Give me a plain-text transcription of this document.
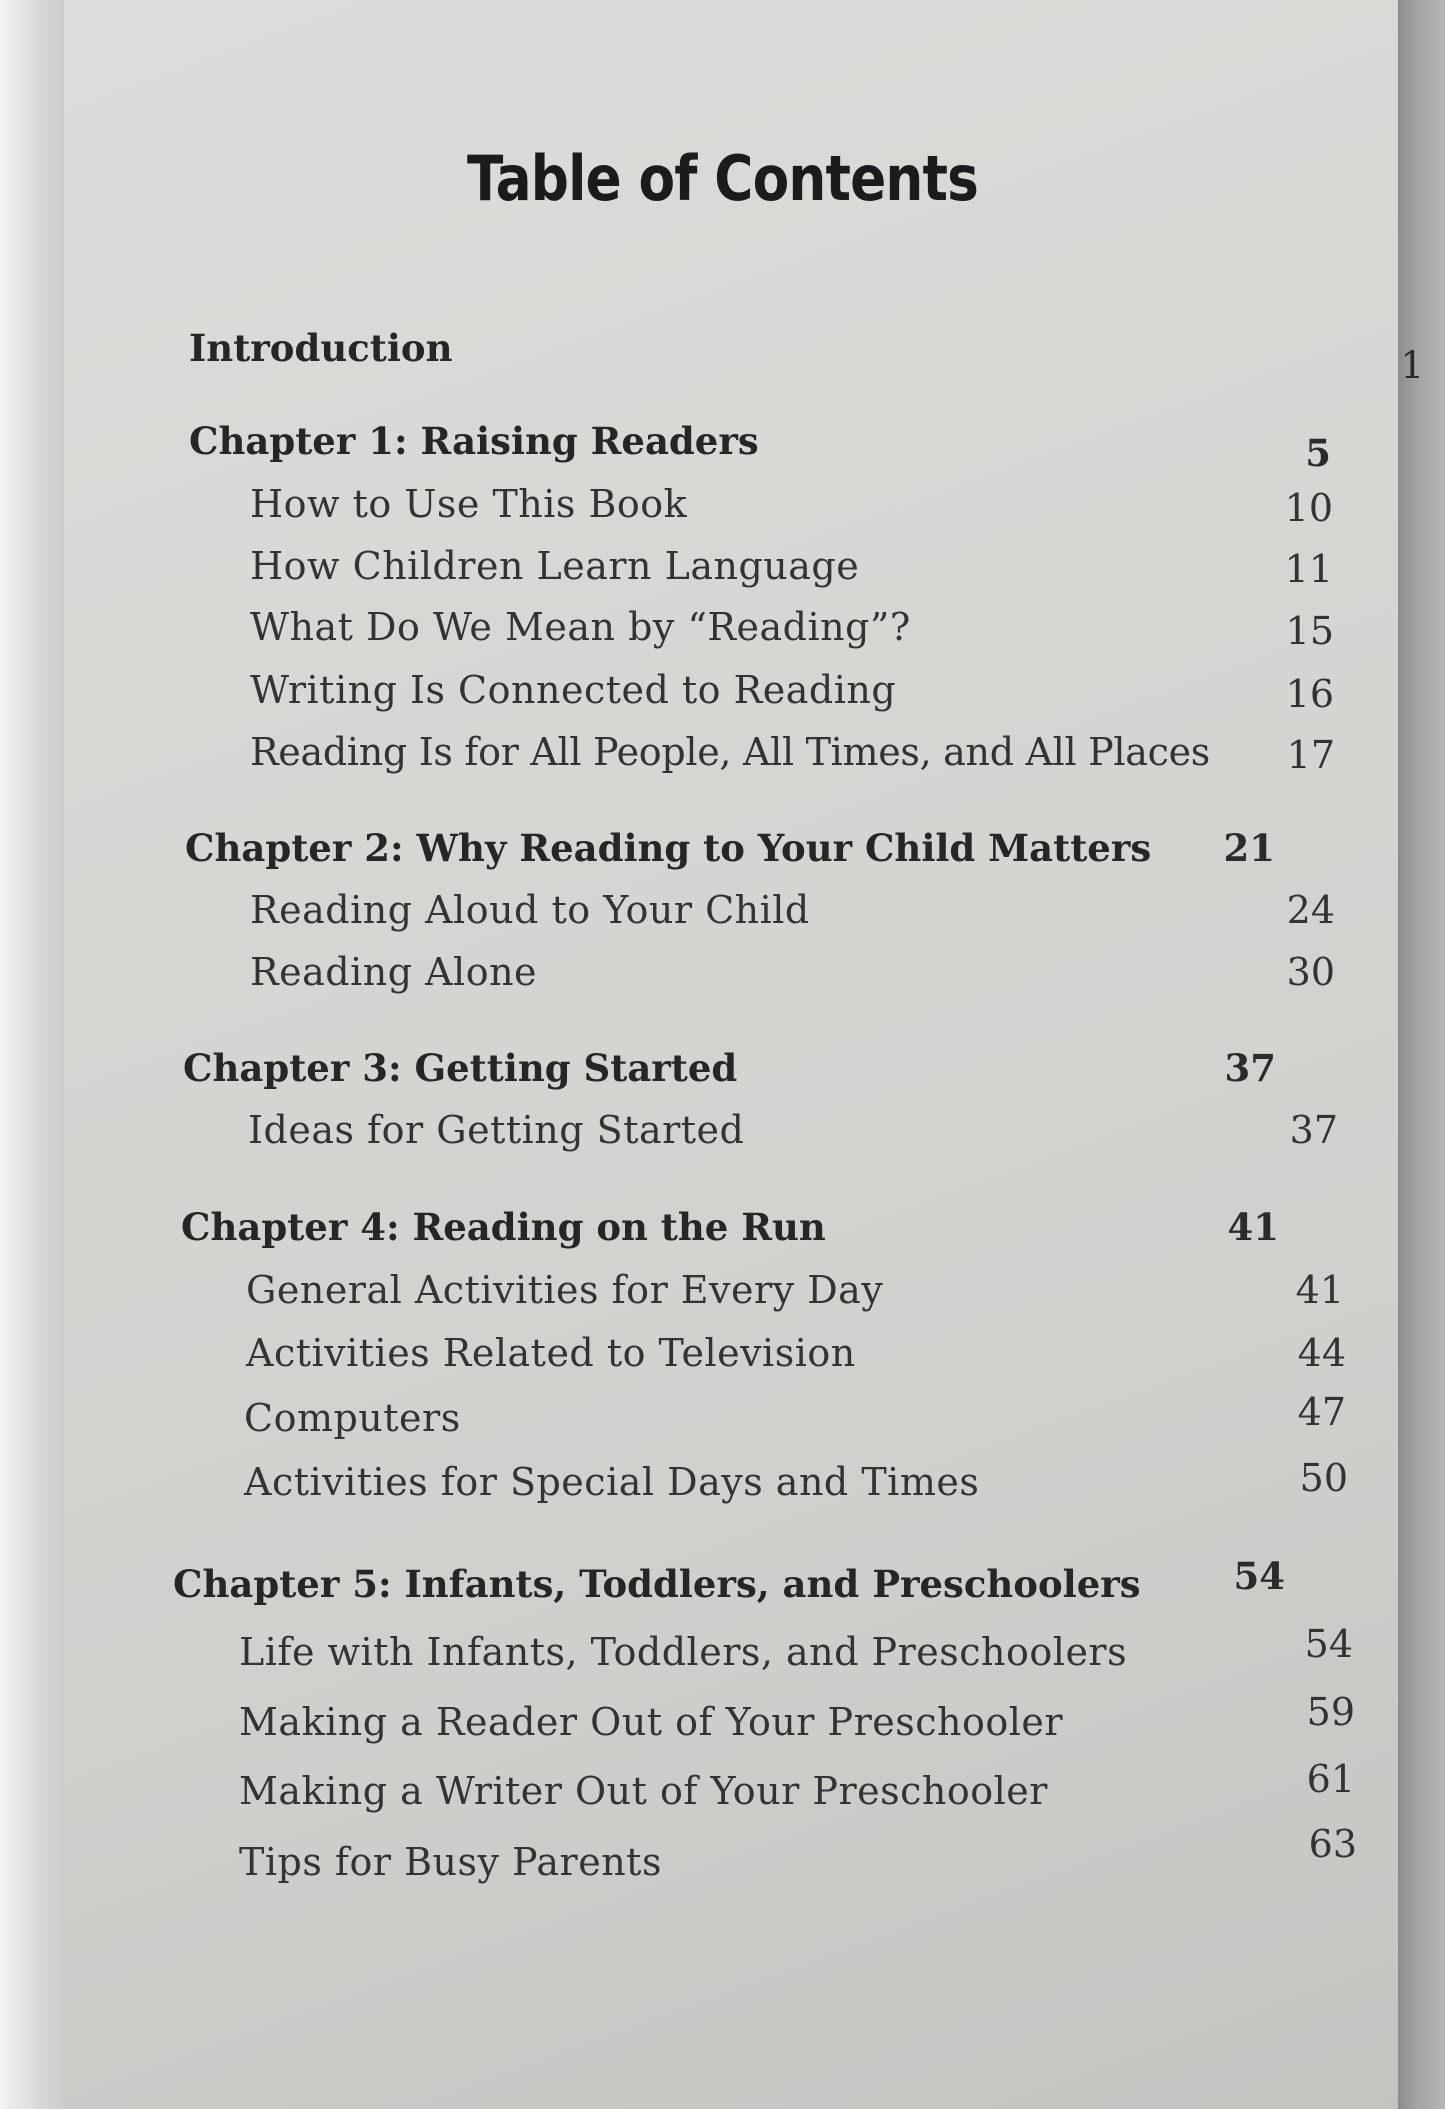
Table of Contents
Introduction	1
Chapter 1: Raising Readers	5
How to Use This Book	10
How Children Learn Language	11
What Do We Mean by “Reading”?	15
Writing Is Connected to Reading	16
Reading Is for All People, All Times, and All Places	17
Chapter 2: Why Reading to Your Child Matters	21
Reading Aloud to Your Child	24
Reading Alone	30
Chapter 3: Getting Started	37
Ideas for Getting Started	37
Chapter 4: Reading on the Run	41
General Activities for Every Day	41
Activities Related to Television	44
Computers	47
Activities for Special Days and Times	50
Chapter 5: Infants, Toddlers, and Preschoolers	54
Life with Infants, Toddlers, and Preschoolers	54
Making a Reader Out of Your Preschooler	59
Making a Writer Out of Your Preschooler	61
Tips for Busy Parents	63
